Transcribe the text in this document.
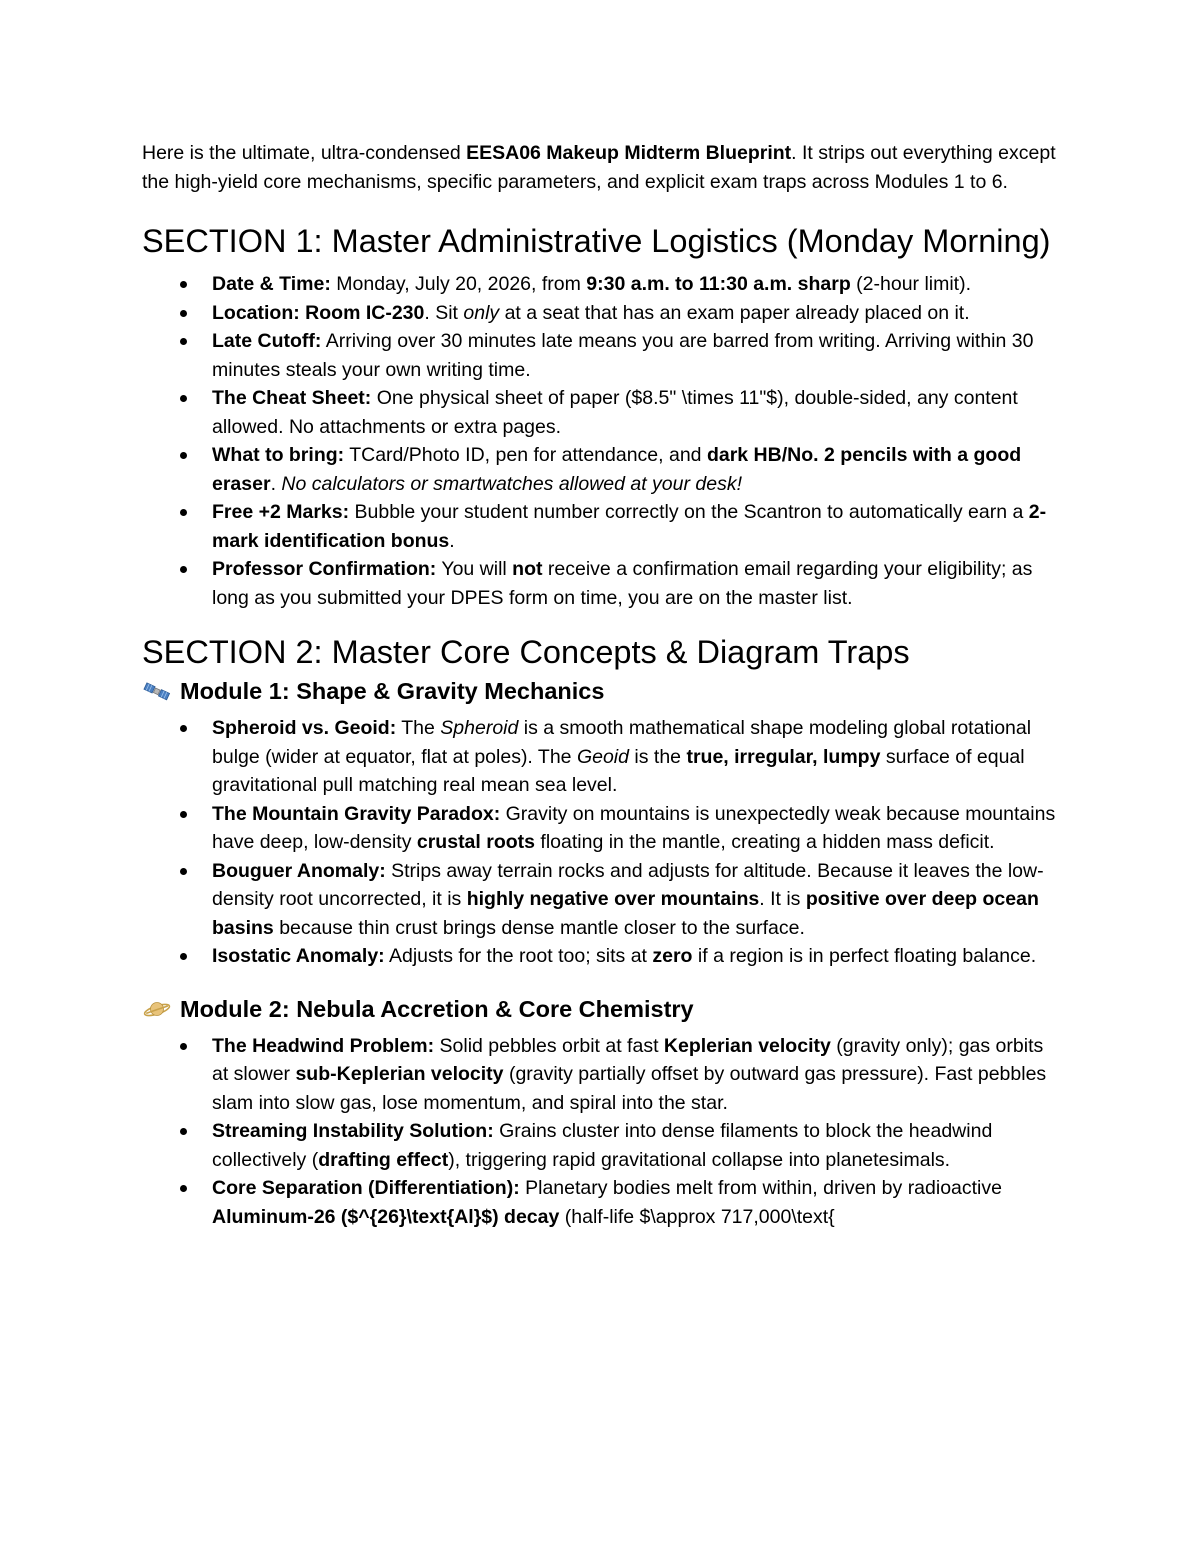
Here is the ultimate, ultra-condensed EESA06 Makeup Midterm Blueprint. It strips out everything except the high-yield core mechanisms, specific parameters, and explicit exam traps across Modules 1 to 6.

SECTION 1: Master Administrative Logistics (Monday Morning)
Date & Time: Monday, July 20, 2026, from 9:30 a.m. to 11:30 a.m. sharp (2-hour limit).
Location: Room IC-230. Sit only at a seat that has an exam paper already placed on it.
Late Cutoff: Arriving over 30 minutes late means you are barred from writing. Arriving within 30 minutes steals your own writing time.
The Cheat Sheet: One physical sheet of paper ($8.5" \times 11"$), double-sided, any content allowed. No attachments or extra pages.
What to bring: TCard/Photo ID, pen for attendance, and dark HB/No. 2 pencils with a good eraser. No calculators or smartwatches allowed at your desk!
Free +2 Marks: Bubble your student number correctly on the Scantron to automatically earn a 2-mark identification bonus.
Professor Confirmation: You will not receive a confirmation email regarding your eligibility; as long as you submitted your DPES form on time, you are on the master list.
SECTION 2: Master Core Concepts & Diagram Traps
Module 1: Shape & Gravity Mechanics
Spheroid vs. Geoid: The Spheroid is a smooth mathematical shape modeling global rotational bulge (wider at equator, flat at poles). The Geoid is the true, irregular, lumpy surface of equal gravitational pull matching real mean sea level.
The Mountain Gravity Paradox: Gravity on mountains is unexpectedly weak because mountains have deep, low-density crustal roots floating in the mantle, creating a hidden mass deficit.
Bouguer Anomaly: Strips away terrain rocks and adjusts for altitude. Because it leaves the low-density root uncorrected, it is highly negative over mountains. It is positive over deep ocean basins because thin crust brings dense mantle closer to the surface.
Isostatic Anomaly: Adjusts for the root too; sits at zero if a region is in perfect floating balance.
Module 2: Nebula Accretion & Core Chemistry
The Headwind Problem: Solid pebbles orbit at fast Keplerian velocity (gravity only); gas orbits at slower sub-Keplerian velocity (gravity partially offset by outward gas pressure). Fast pebbles slam into slow gas, lose momentum, and spiral into the star.
Streaming Instability Solution: Grains cluster into dense filaments to block the headwind collectively (drafting effect), triggering rapid gravitational collapse into planetesimals.
Core Separation (Differentiation): Planetary bodies melt from within, driven by radioactive Aluminum-26 ($^{26}\text{Al}$) decay (half-life $\approx 717,000\text{
